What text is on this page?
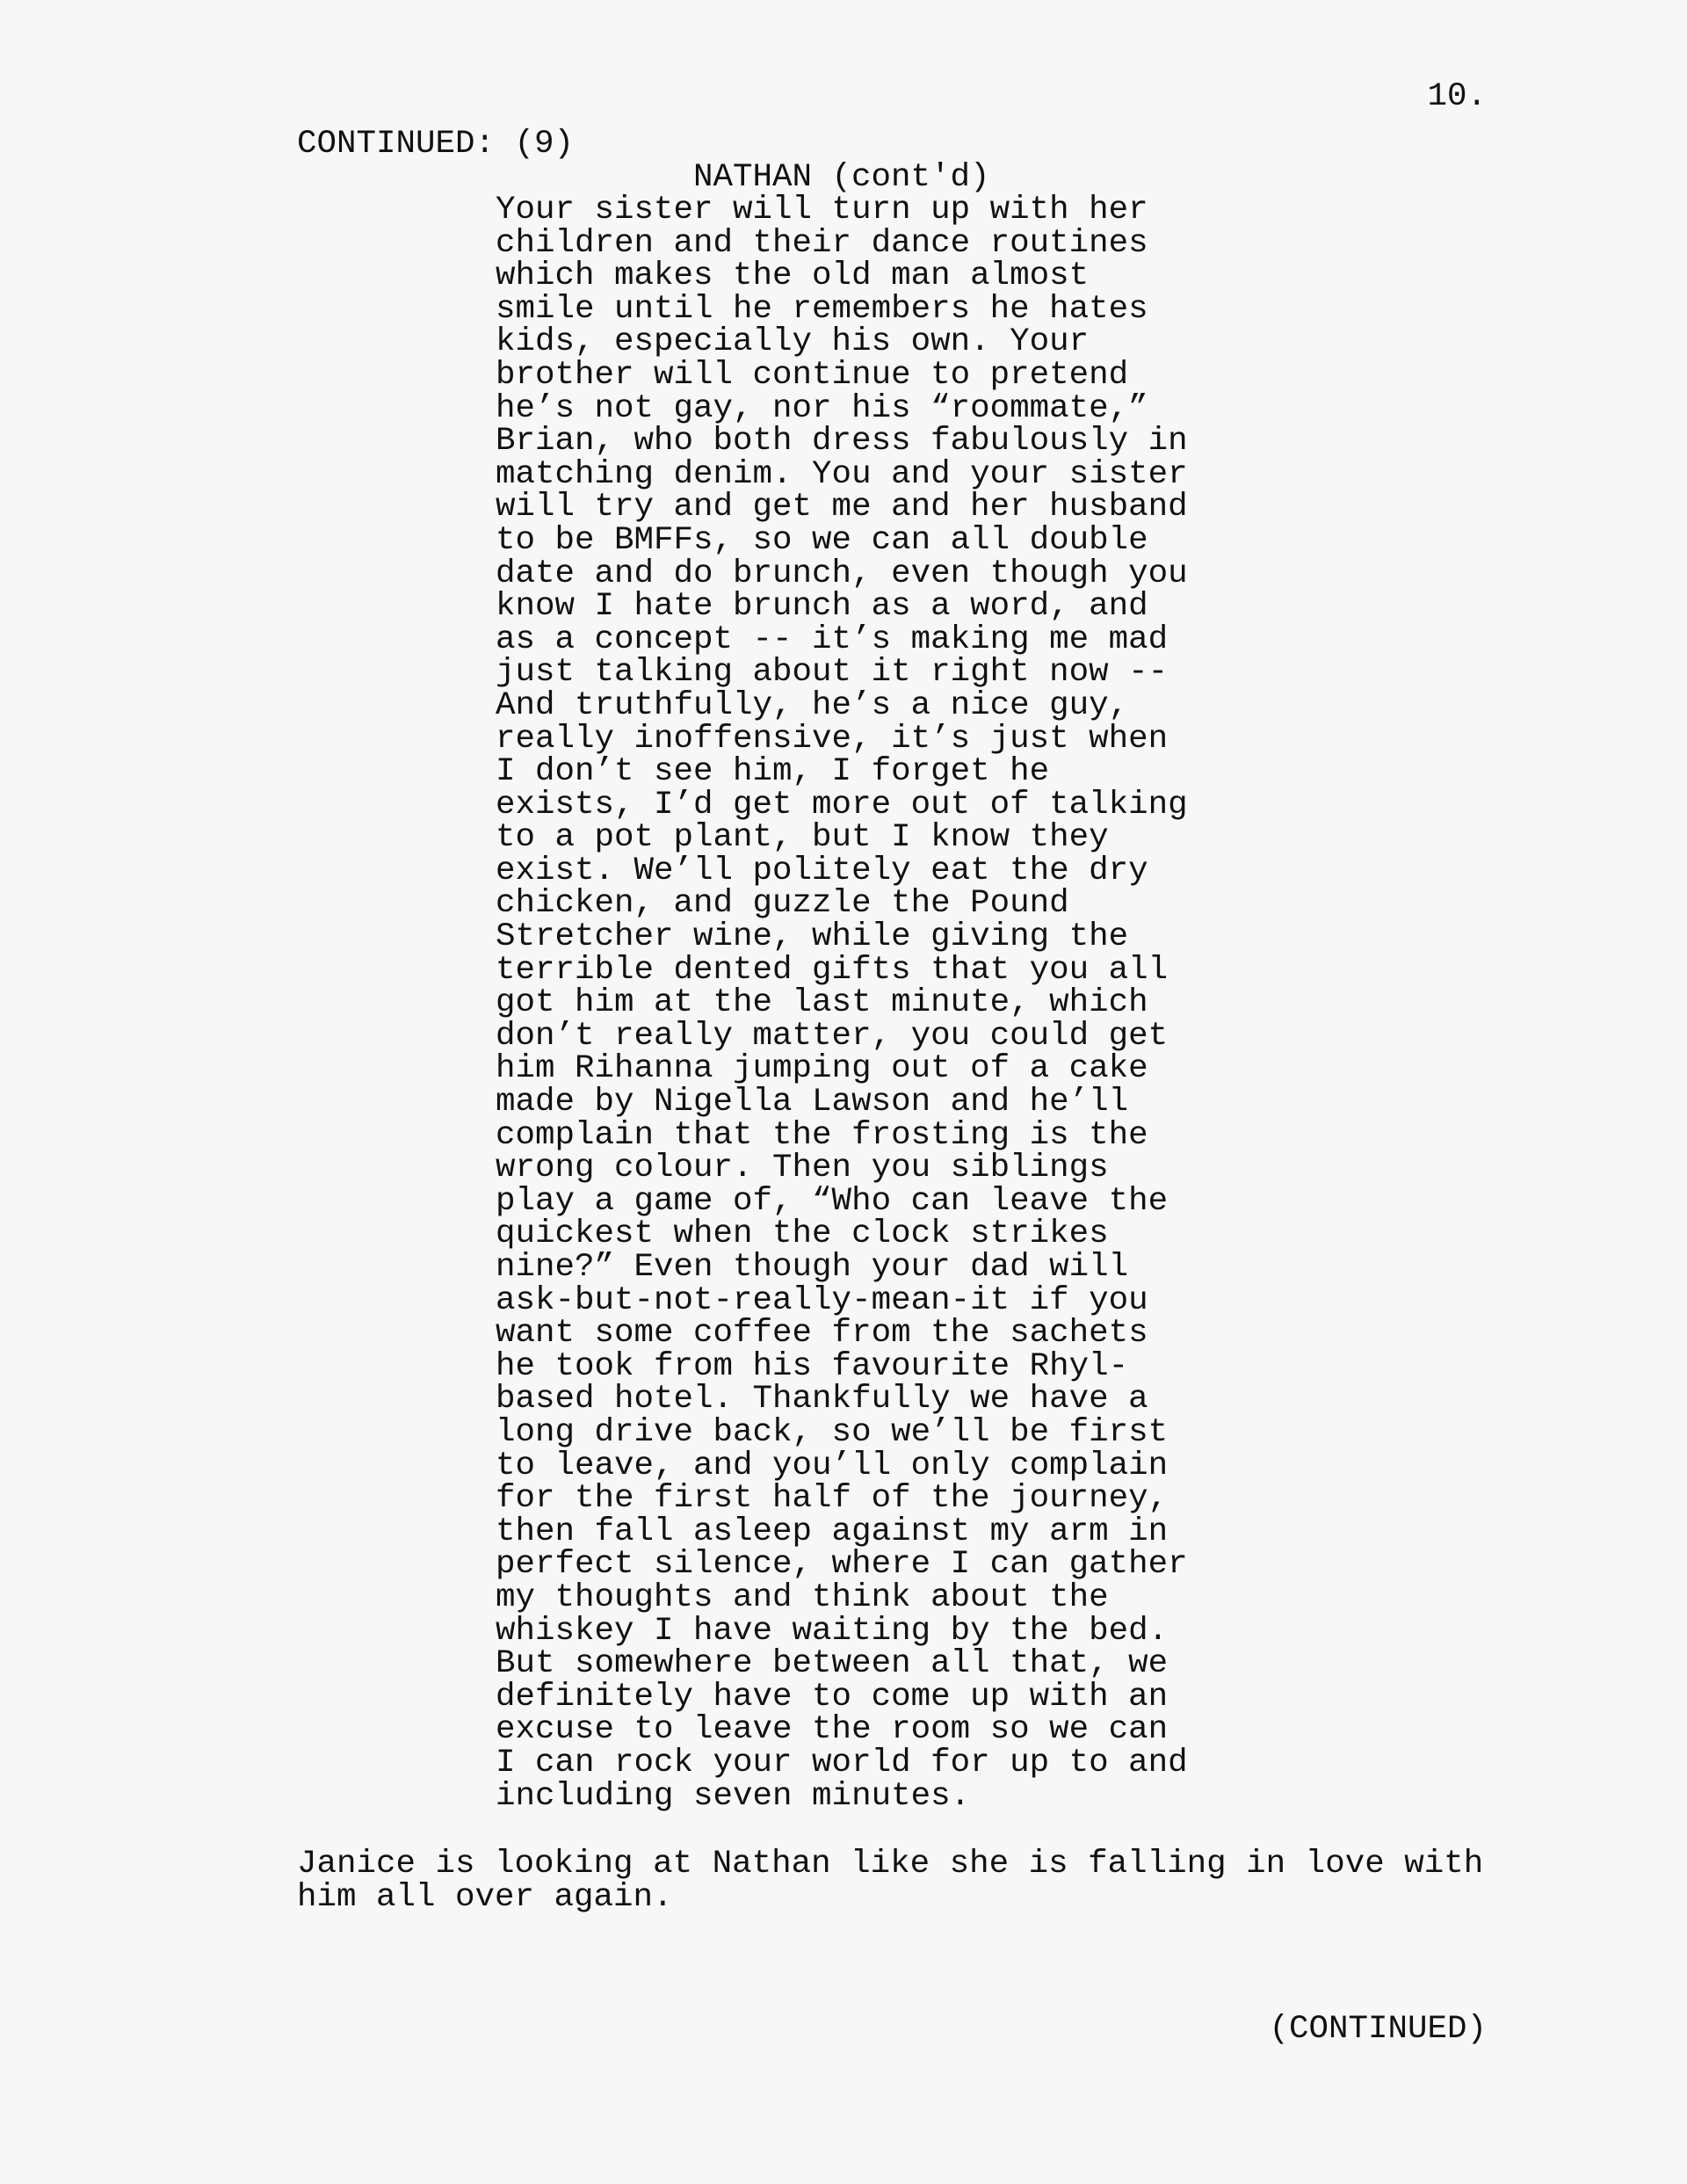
10.

CONTINUED: (9)

NATHAN (cont'd)

Your sister will turn up with her
children and their dance routines
which makes the old man almost
smile until he remembers he hates
kids, especially his own. Your
brother will continue to pretend
he’s not gay, nor his “roommate,”
Brian, who both dress fabulously in
matching denim. You and your sister
will try and get me and her husband
to be BMFFs, so we can all double
date and do brunch, even though you
know I hate brunch as a word, and
as a concept -- it’s making me mad
just talking about it right now --
And truthfully, he’s a nice guy,
really inoffensive, it’s just when
I don’t see him, I forget he
exists, I’d get more out of talking
to a pot plant, but I know they
exist. We’ll politely eat the dry
chicken, and guzzle the Pound
Stretcher wine, while giving the
terrible dented gifts that you all
got him at the last minute, which
don’t really matter, you could get
him Rihanna jumping out of a cake
made by Nigella Lawson and he’ll
complain that the frosting is the
wrong colour. Then you siblings
play a game of, “Who can leave the
quickest when the clock strikes
nine?” Even though your dad will
ask-but-not-really-mean-it if you
want some coffee from the sachets
he took from his favourite Rhyl-
based hotel. Thankfully we have a
long drive back, so we’ll be first
to leave, and you’ll only complain
for the first half of the journey,
then fall asleep against my arm in
perfect silence, where I can gather
my thoughts and think about the
whiskey I have waiting by the bed.
But somewhere between all that, we
definitely have to come up with an
excuse to leave the room so we can
I can rock your world for up to and
including seven minutes.
Janice is looking at Nathan like she is falling in love with
him all over again.

(CONTINUED)
